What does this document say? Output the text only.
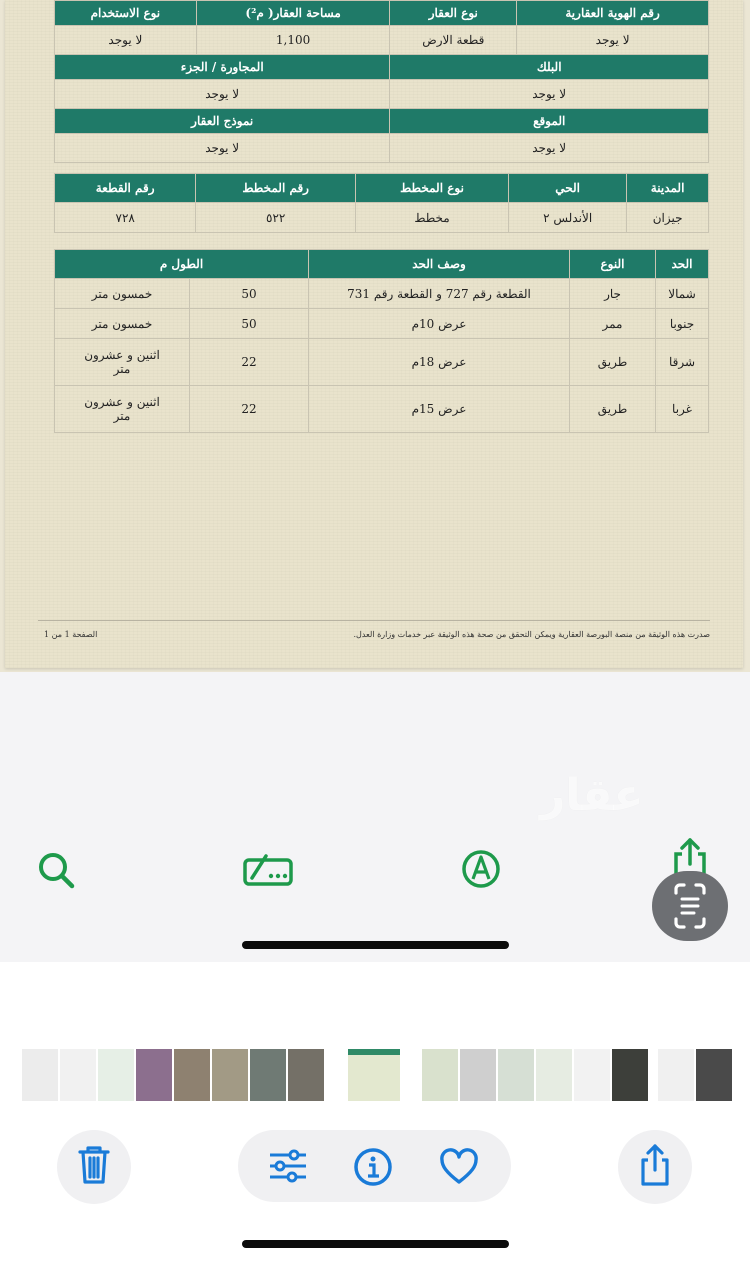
رقم الهوية العقارية	نوع العقار	مساحة العقار( م²)	نوع الاستخدام
لا يوجد	قطعة الارض	1,100	لا يوجد
البلك		المجاورة / الجزء	
لا يوجد		لا يوجد	
الموقع		نموذج العقار	
لا يوجد		لا يوجد	
المدينة	الحي	نوع المخطط	رقم المخطط	رقم القطعة
جيزان	الأندلس ٢	مخطط	٥٢٢	٧٢٨
الحد	النوع	وصف الحد	الطول م	
شمالا	جار	القطعة رقم 727 و القطعة رقم 731	50	خمسون متر
جنوبا	ممر	عرض 10م	50	خمسون متر
شرقا	طريق	عرض 18م	22	اثنين و عشرون متر
غربا	طريق	عرض 15م	22	اثنين و عشرون متر
صدرت هذه الوثيقة من منصة البورصة العقارية ويمكن التحقق من صحة هذه الوثيقة عبر خدمات وزارة العدل.
الصفحة 1 من 1
عقار
